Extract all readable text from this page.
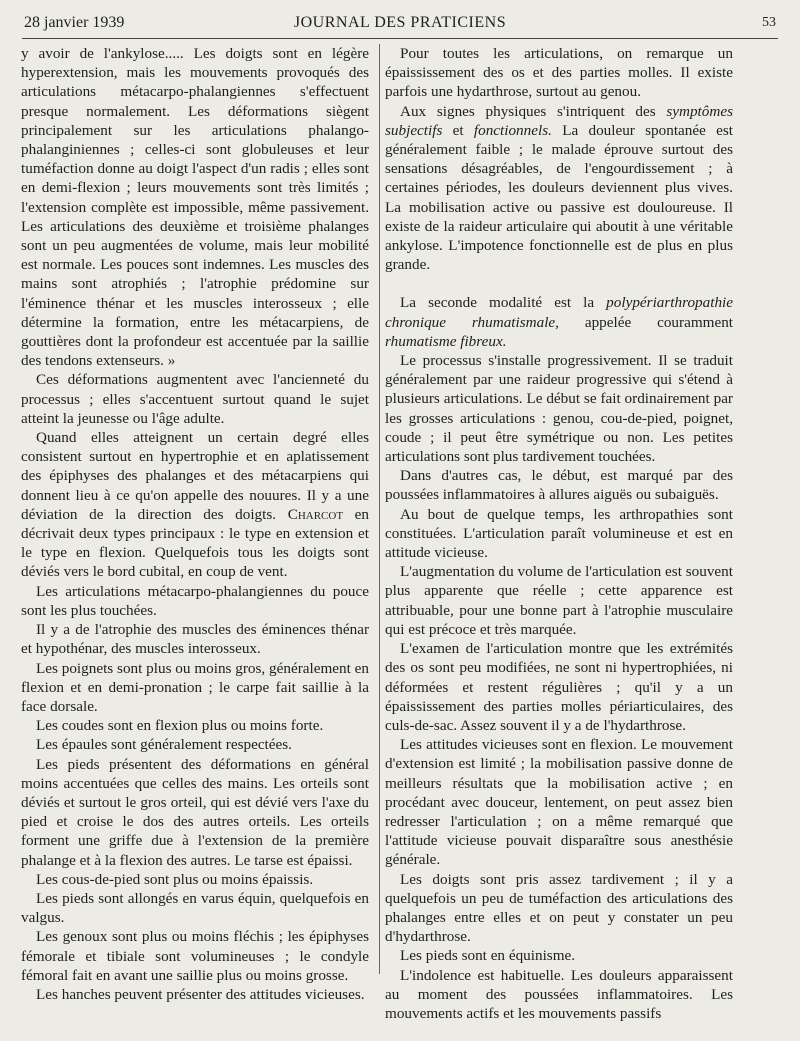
28 janvier 1939	JOURNAL DES PRATICIENS	53

y avoir de l'ankylose..... Les doigts sont en légère hyperextension, mais les mouvements provoqués des articulations métacarpo-phalangiennes s'effectuent presque normalement. Les déformations siègent principalement sur les articulations phalango-phalanginiennes ; celles-ci sont globuleuses et leur tuméfaction donne au doigt l'aspect d'un radis ; elles sont en demi-flexion ; leurs mouvements sont très limités ; l'extension complète est impossible, même passivement. Les articulations des deuxième et troisième phalanges sont un peu augmentées de volume, mais leur mobilité est normale. Les pouces sont indemnes. Les muscles des mains sont atrophiés ; l'atrophie prédomine sur l'éminence thénar et les muscles interosseux ; elle détermine la formation, entre les métacarpiens, de gouttières dont la profondeur est accentuée par la saillie des tendons extenseurs. »

Ces déformations augmentent avec l'ancienneté du processus ; elles s'accentuent surtout quand le sujet atteint la jeunesse ou l'âge adulte.

Quand elles atteignent un certain degré elles consistent surtout en hypertrophie et en aplatissement des épiphyses des phalanges et des métacarpiens qui donnent lieu à ce qu'on appelle des nouures. Il y a une déviation de la direction des doigts. Charcot en décrivait deux types principaux : le type en extension et le type en flexion. Quelquefois tous les doigts sont déviés vers le bord cubital, en coup de vent.

Les articulations métacarpo-phalangiennes du pouce sont les plus touchées.

Il y a de l'atrophie des muscles des éminences thénar et hypothénar, des muscles interosseux.

Les poignets sont plus ou moins gros, généralement en flexion et en demi-pronation ; le carpe fait saillie à la face dorsale.

Les coudes sont en flexion plus ou moins forte.

Les épaules sont généralement respectées.

Les pieds présentent des déformations en général moins accentuées que celles des mains. Les orteils sont déviés et surtout le gros orteil, qui est dévié vers l'axe du pied et croise le dos des autres orteils. Les orteils forment une griffe due à l'extension de la première phalange et à la flexion des autres. Le tarse est épaissi.

Les cous-de-pied sont plus ou moins épaissis.

Les pieds sont allongés en varus équin, quelquefois en valgus.

Les genoux sont plus ou moins fléchis ; les épiphyses fémorale et tibiale sont volumineuses ; le condyle fémoral fait en avant une saillie plus ou moins grosse.

Les hanches peuvent présenter des attitudes vicieuses.

Pour toutes les articulations, on remarque un épaississement des os et des parties molles. Il existe parfois une hydarthrose, surtout au genou.

Aux signes physiques s'intriquent des symptômes subjectifs et fonctionnels. La douleur spontanée est généralement faible ; le malade éprouve surtout des sensations désagréables, de l'engourdissement ; à certaines périodes, les douleurs deviennent plus vives. La mobilisation active ou passive est douloureuse. Il existe de la raideur articulaire qui aboutit à une véritable ankylose. L'impotence fonctionnelle est de plus en plus grande.

La seconde modalité est la polypériarthropathie chronique rhumatismale, appelée couramment rhumatisme fibreux.

Le processus s'installe progressivement. Il se traduit généralement par une raideur progressive qui s'étend à plusieurs articulations. Le début se fait ordinairement par les grosses articulations : genou, cou-de-pied, poignet, coude ; il peut être symétrique ou non. Les petites articulations sont plus tardivement touchées.

Dans d'autres cas, le début, est marqué par des poussées inflammatoires à allures aiguës ou subaiguës.

Au bout de quelque temps, les arthropathies sont constituées. L'articulation paraît volumineuse et est en attitude vicieuse.

L'augmentation du volume de l'articulation est souvent plus apparente que réelle ; cette apparence est attribuable, pour une bonne part à l'atrophie musculaire qui est précoce et très marquée.

L'examen de l'articulation montre que les extrémités des os sont peu modifiées, ne sont ni hypertrophiées, ni déformées et restent régulières ; qu'il y a un épaississement des parties molles périarticulaires, des culs-de-sac. Assez souvent il y a de l'hydarthrose.

Les attitudes vicieuses sont en flexion. Le mouvement d'extension est limité ; la mobilisation passive donne de meilleurs résultats que la mobilisation active ; en procédant avec douceur, lentement, on peut assez bien redresser l'articulation ; on a même remarqué que l'attitude vicieuse pouvait disparaître sous anesthésie générale.

Les doigts sont pris assez tardivement ; il y a quelquefois un peu de tuméfaction des articulations des phalanges entre elles et on peut y constater un peu d'hydarthrose.

Les pieds sont en équinisme.

L'indolence est habituelle. Les douleurs apparaissent au moment des poussées inflammatoires. Les mouvements actifs et les mouvements passifs
